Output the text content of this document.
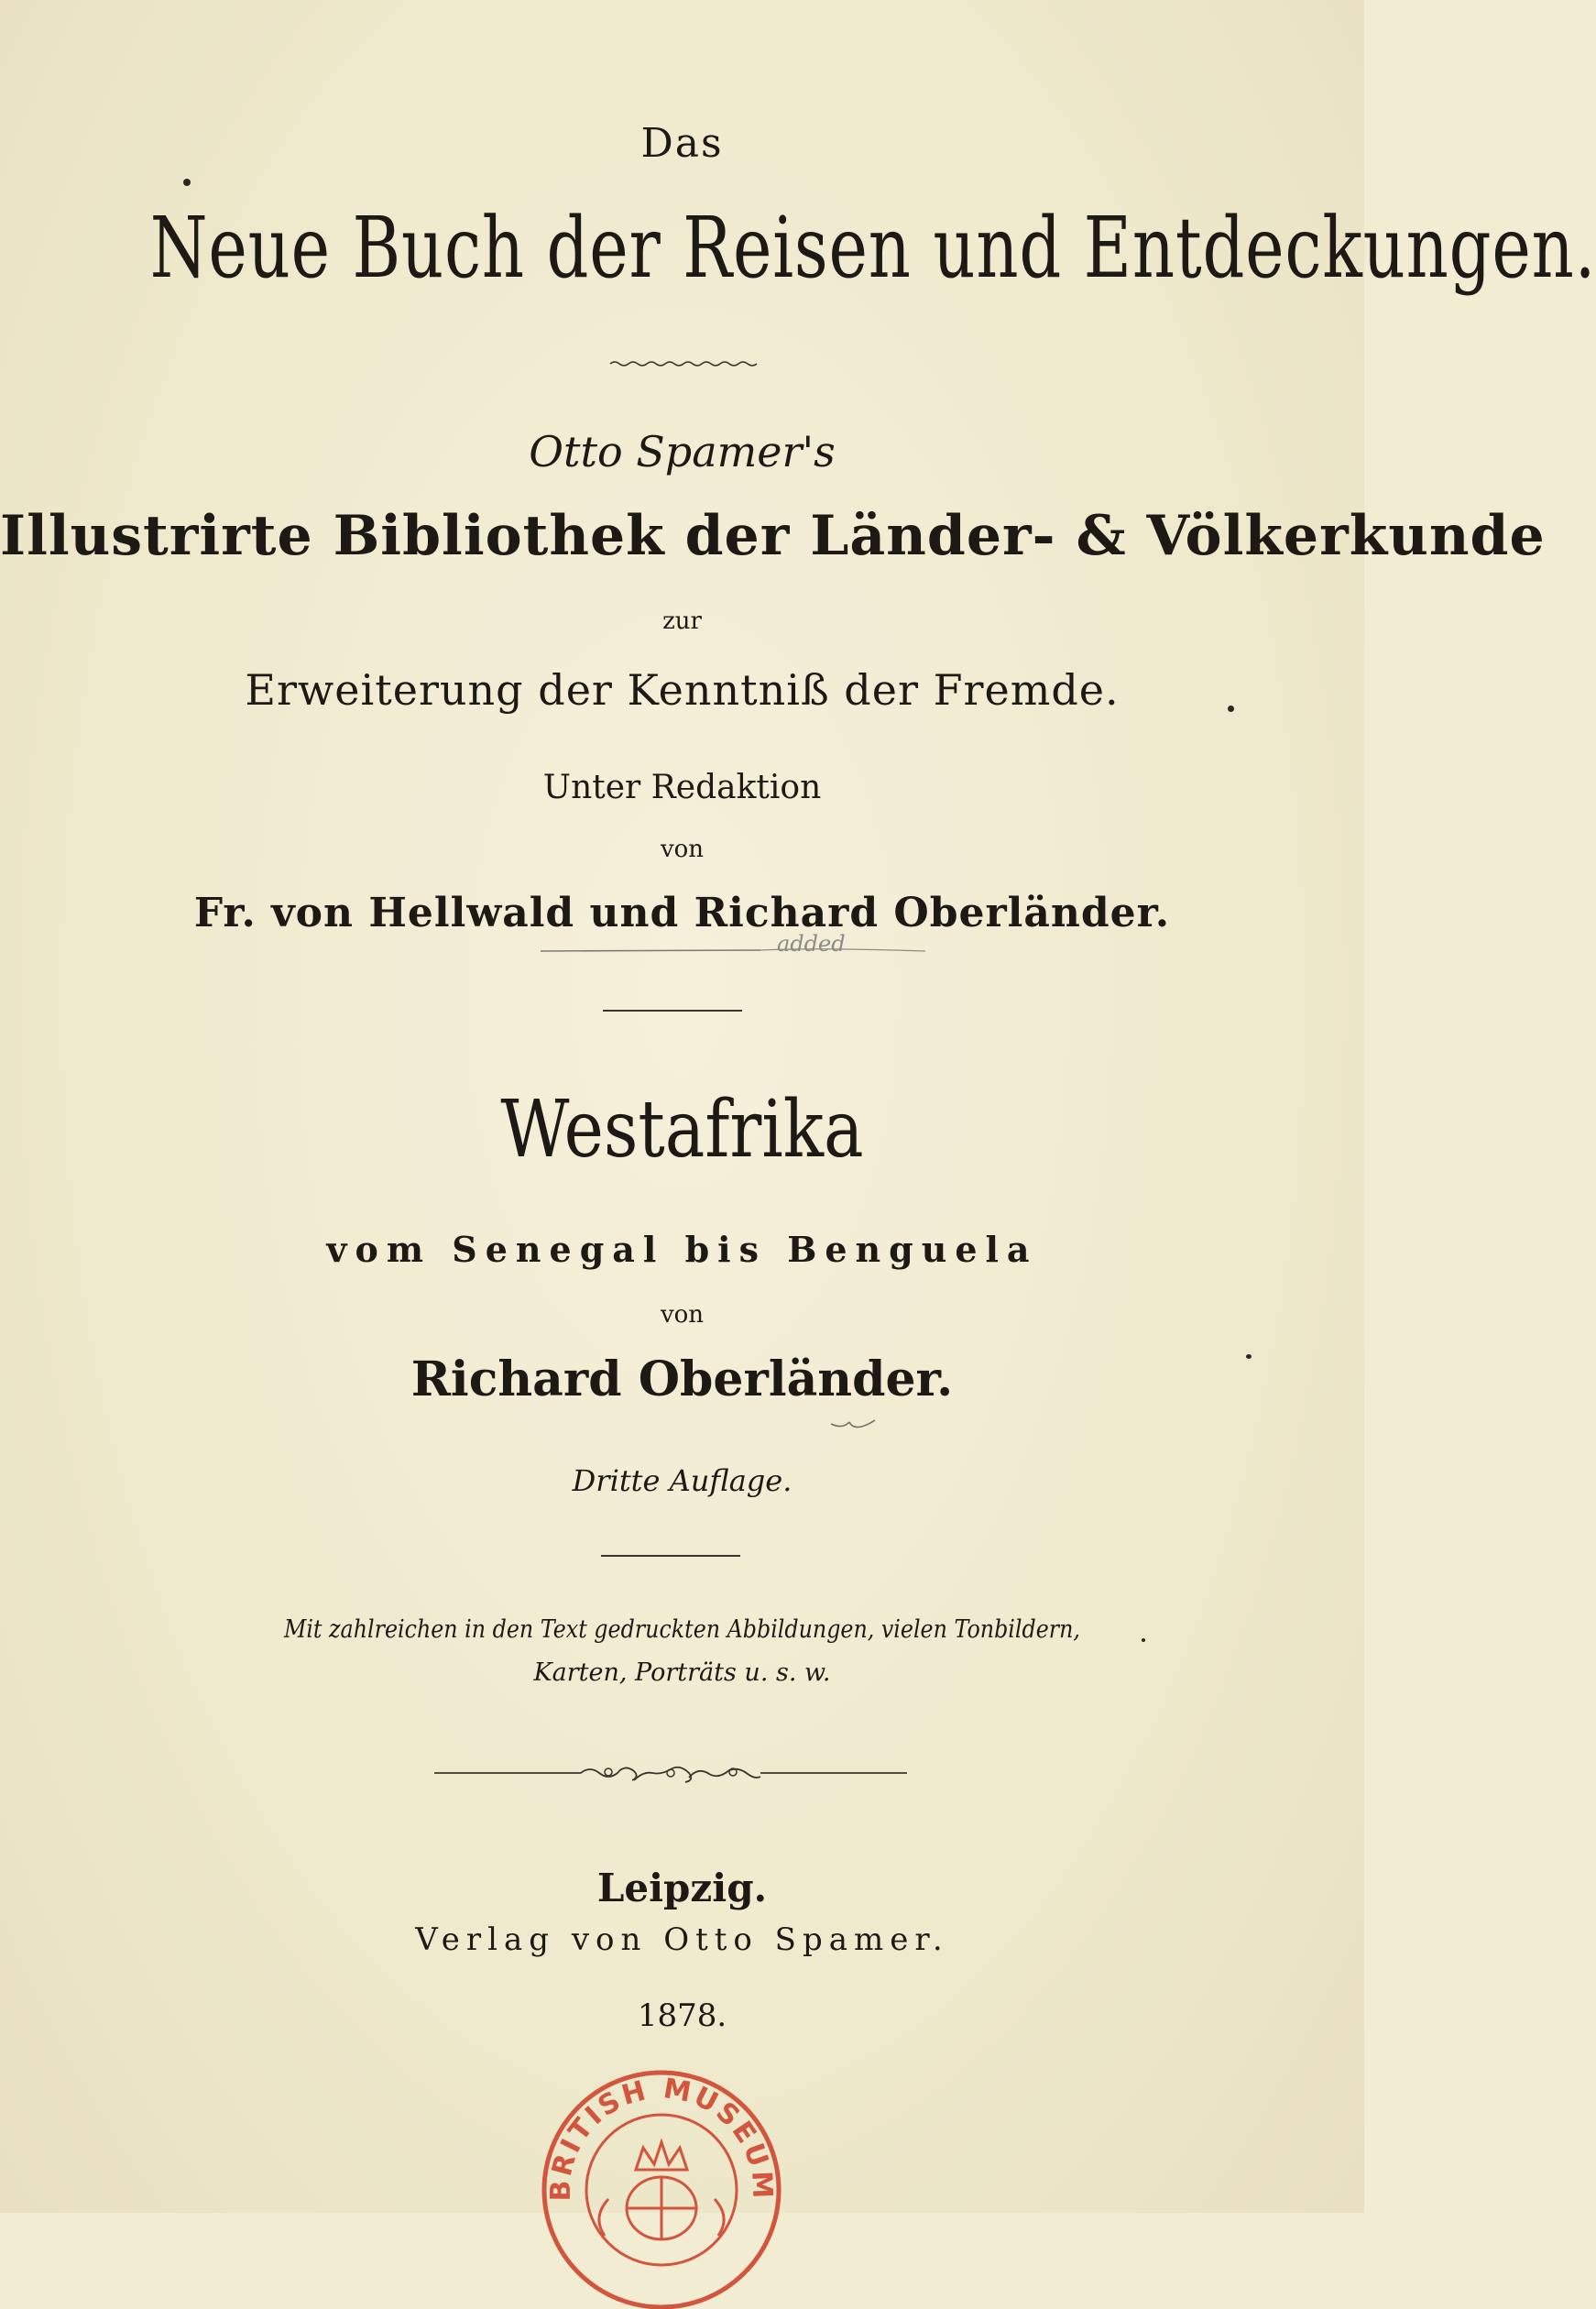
Das
Neue Buch der Reisen und Entdeckungen.
Otto Spamer's
Illustrirte Bibliothek der Länder- & Völkerkunde
zur
Erweiterung der Kenntniß der Fremde.
Unter Redaktion
von
Fr. von Hellwald und Richard Oberländer.
added
Westafrika
vom Senegal bis Benguela
von
Richard Oberländer.
Dritte Auflage.
Mit zahlreichen in den Text gedruckten Abbildungen, vielen Tonbildern,
Karten, Porträts u. s. w.
Leipzig.
Verlag von Otto Spamer.
1878.
BRITISH MUSEUM
